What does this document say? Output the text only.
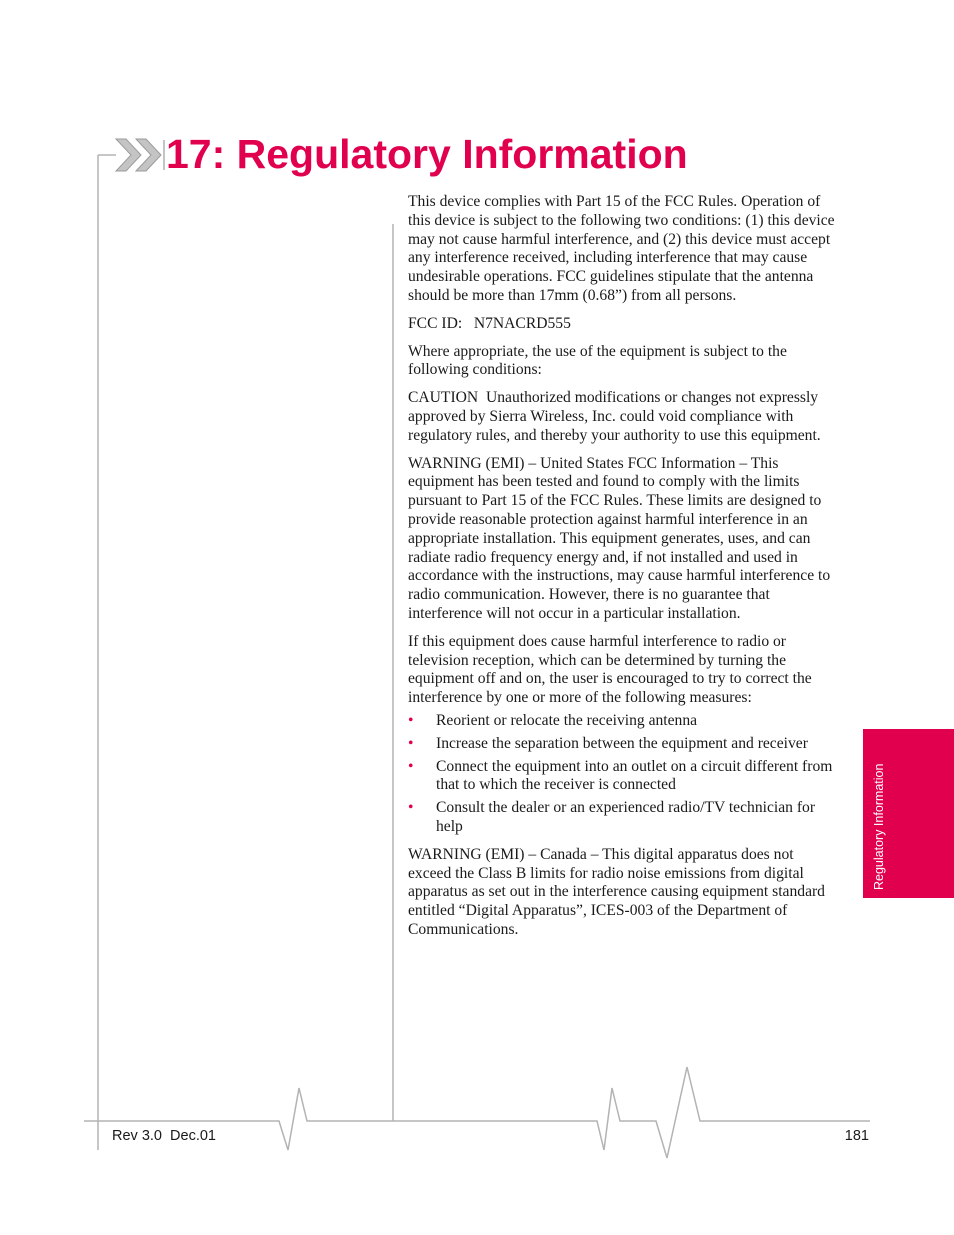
17: Regulatory Information

This device complies with Part 15 of the FCC Rules. Operation of this device is subject to the following two conditions: (1) this device may not cause harmful interference, and (2) this device must accept any interference received, including interference that may cause undesirable operations. FCC guidelines stipulate that the antenna should be more than 17mm (0.68”) from all persons.

FCC ID:   N7NACRD555

Where appropriate, the use of the equipment is subject to the following conditions:

CAUTION  Unauthorized modifications or changes not expressly approved by Sierra Wireless, Inc. could void compliance with regulatory rules, and thereby your authority to use this equipment.

WARNING (EMI) – United States FCC Information – This equipment has been tested and found to comply with the limits pursuant to Part 15 of the FCC Rules. These limits are designed to provide reasonable protection against harmful interference in an appropriate installation. This equipment generates, uses, and can radiate radio frequency energy and, if not installed and used in accordance with the instructions, may cause harmful interference to radio communication. However, there is no guarantee that interference will not occur in a particular installation.

If this equipment does cause harmful interference to radio or television reception, which can be determined by turning the equipment off and on, the user is encouraged to try to correct the interference by one or more of the following measures:

• Reorient or relocate the receiving antenna
• Increase the separation between the equipment and receiver
• Connect the equipment into an outlet on a circuit different from that to which the receiver is connected
• Consult the dealer or an experienced radio/TV technician for help

WARNING (EMI) – Canada – This digital apparatus does not exceed the Class B limits for radio noise emissions from digital apparatus as set out in the interference causing equipment standard entitled “Digital Apparatus”, ICES-003 of the Department of Communications.

Regulatory Information
Rev 3.0  Dec.01	181
